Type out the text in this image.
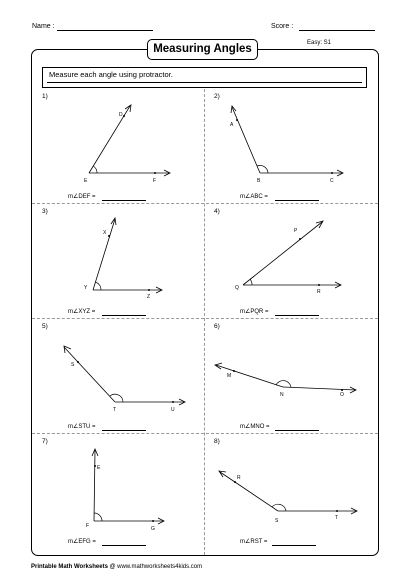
Name :	Score :
Measuring Angles	Easy: S1
Measure each angle using protractor.
1)
E
D
F
m∠DEF =
2)
B
A
C
m∠ABC =
3)
Y
X
Z
m∠XYZ =
4)
Q
P
R
m∠PQR =
5)
T
S
U
m∠STU =
6)
N
M
O
m∠MNO =
7)
F
E
G
m∠EFG =
8)
S
R
T
m∠RST =
Printable Math Worksheets @ www.mathworksheets4kids.com
